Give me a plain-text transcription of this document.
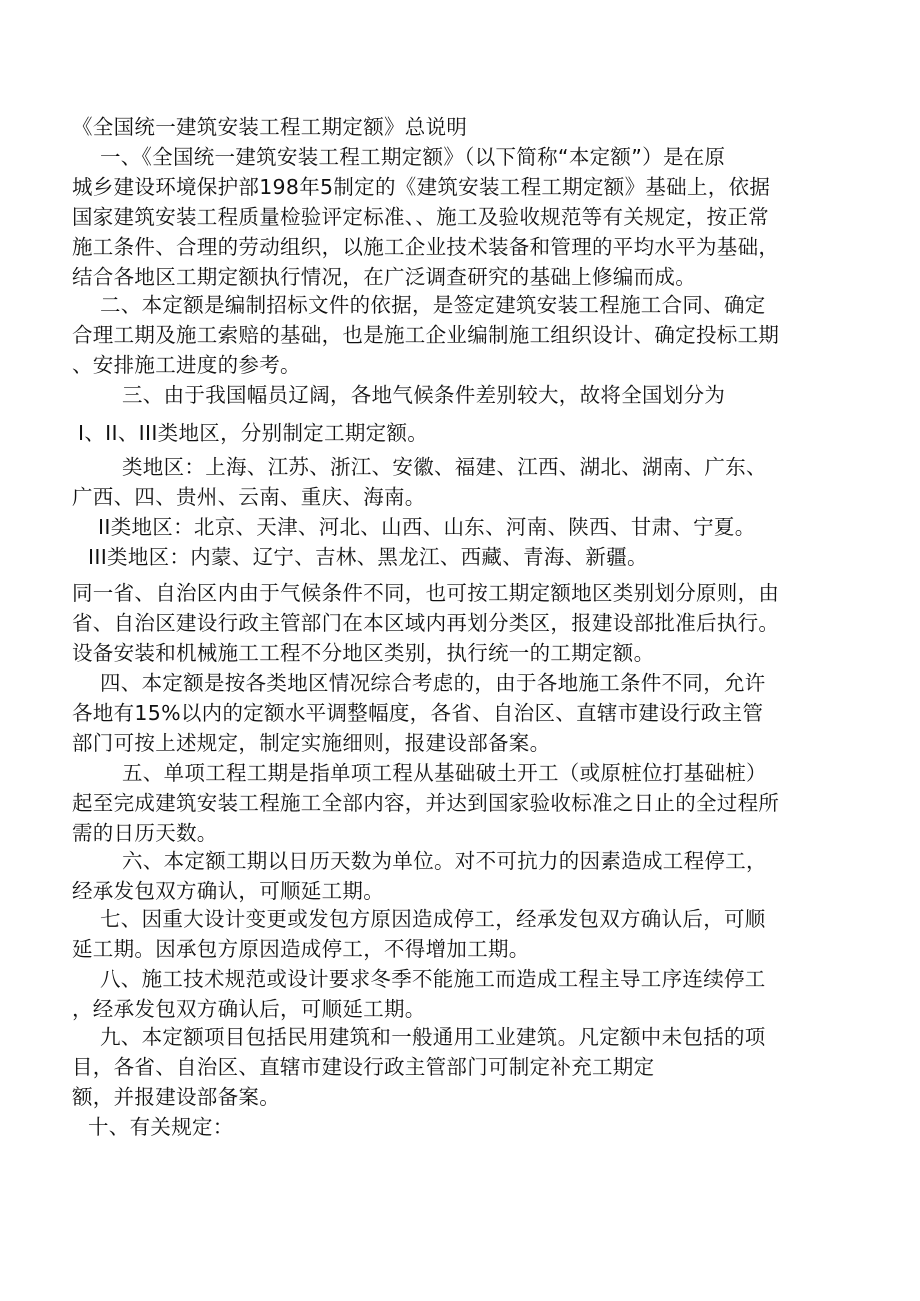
《全国统一建筑安装工程工期定额》总说明
一、《全国统一建筑安装工程工期定额》（以下简称“本定额”）是在原
城乡建设环境保护部198年5制定的《建筑安装工程工期定额》基础上，依据
国家建筑安装工程质量检验评定标准、、施工及验收规范等有关规定，按正常
施工条件、合理的劳动组织，以施工企业技术装备和管理的平均水平为基础，
结合各地区工期定额执行情况，在广泛调查研究的基础上修编而成。
二、本定额是编制招标文件的依据，是签定建筑安装工程施工合同、确定
合理工期及施工索赔的基础，也是施工企业编制施工组织设计、确定投标工期
、安排施工进度的参考。
三、由于我国幅员辽阔，各地气候条件差别较大，故将全国划分为
I、II、III类地区，分别制定工期定额。
类地区：上海、江苏、浙江、安徽、福建、江西、湖北、湖南、广东、
广西、四、贵州、云南、重庆、海南。
II类地区：北京、天津、河北、山西、山东、河南、陕西、甘肃、宁夏。
III类地区：内蒙、辽宁、吉林、黑龙江、西藏、青海、新疆。
同一省、自治区内由于气候条件不同，也可按工期定额地区类别划分原则，由
省、自治区建设行政主管部门在本区域内再划分类区，报建设部批准后执行。
设备安装和机械施工工程不分地区类别，执行统一的工期定额。
四、本定额是按各类地区情况综合考虑的，由于各地施工条件不同，允许
各地有15%以内的定额水平调整幅度，各省、自治区、直辖市建设行政主管
部门可按上述规定，制定实施细则，报建设部备案。
五、单项工程工期是指单项工程从基础破土开工（或原桩位打基础桩）
起至完成建筑安装工程施工全部内容，并达到国家验收标准之日止的全过程所
需的日历天数。
六、本定额工期以日历天数为单位。对不可抗力的因素造成工程停工，
经承发包双方确认，可顺延工期。
七、因重大设计变更或发包方原因造成停工，经承发包双方确认后，可顺
延工期。因承包方原因造成停工，不得增加工期。
八、施工技术规范或设计要求冬季不能施工而造成工程主导工序连续停工
，经承发包双方确认后，可顺延工期。
九、本定额项目包括民用建筑和一般通用工业建筑。凡定额中未包括的项
目，各省、自治区、直辖市建设行政主管部门可制定补充工期定
额，并报建设部备案。
十、有关规定：
